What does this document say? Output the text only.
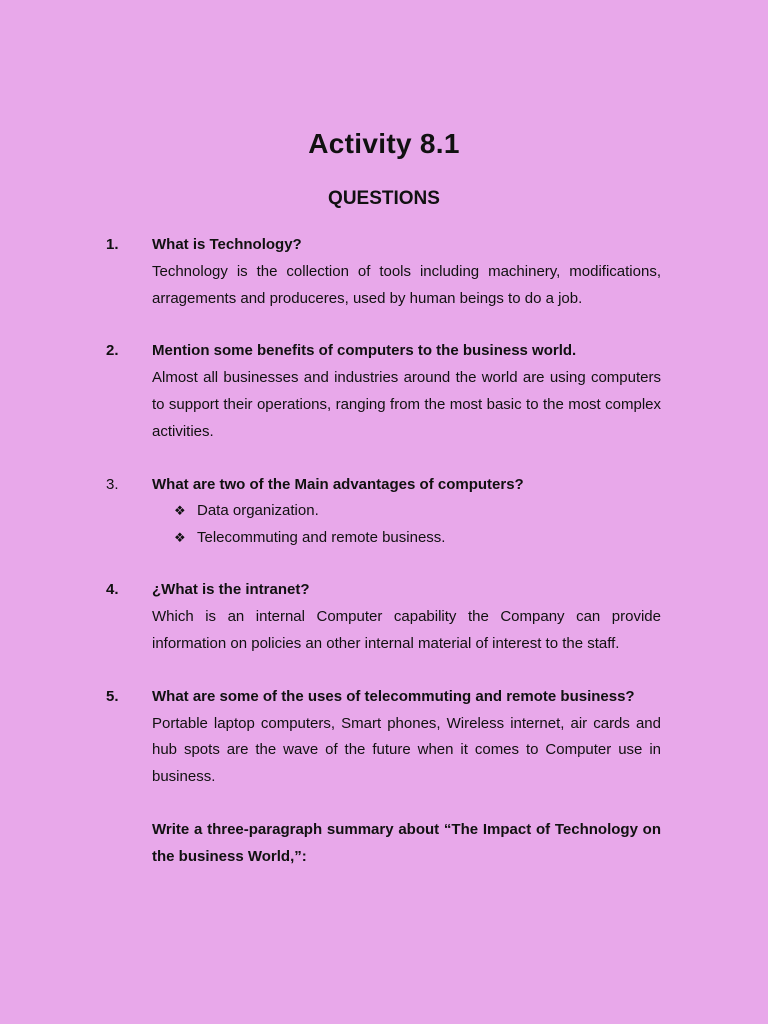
Activity 8.1
QUESTIONS
1. What is Technology?
Technology is the collection of tools including machinery, modifications, arragements and produceres, used by human beings to do a job.
2. Mention some benefits of computers to the business world.
Almost all businesses and industries around the world are using computers to support their operations, ranging from the most basic to the most complex activities.
3. What are two of the Main advantages of computers?
❖ Data organization.
❖ Telecommuting and remote business.
4. ¿What is the intranet?
Which is an internal Computer capability the Company can provide information on policies an other internal material of interest to the staff.
5. What are some of the uses of telecommuting and remote business?
Portable laptop computers, Smart phones, Wireless internet, air cards and hub spots are the wave of the future when it comes to Computer use in business.
Write a three-paragraph summary about “The Impact of Technology on the business World,”:
